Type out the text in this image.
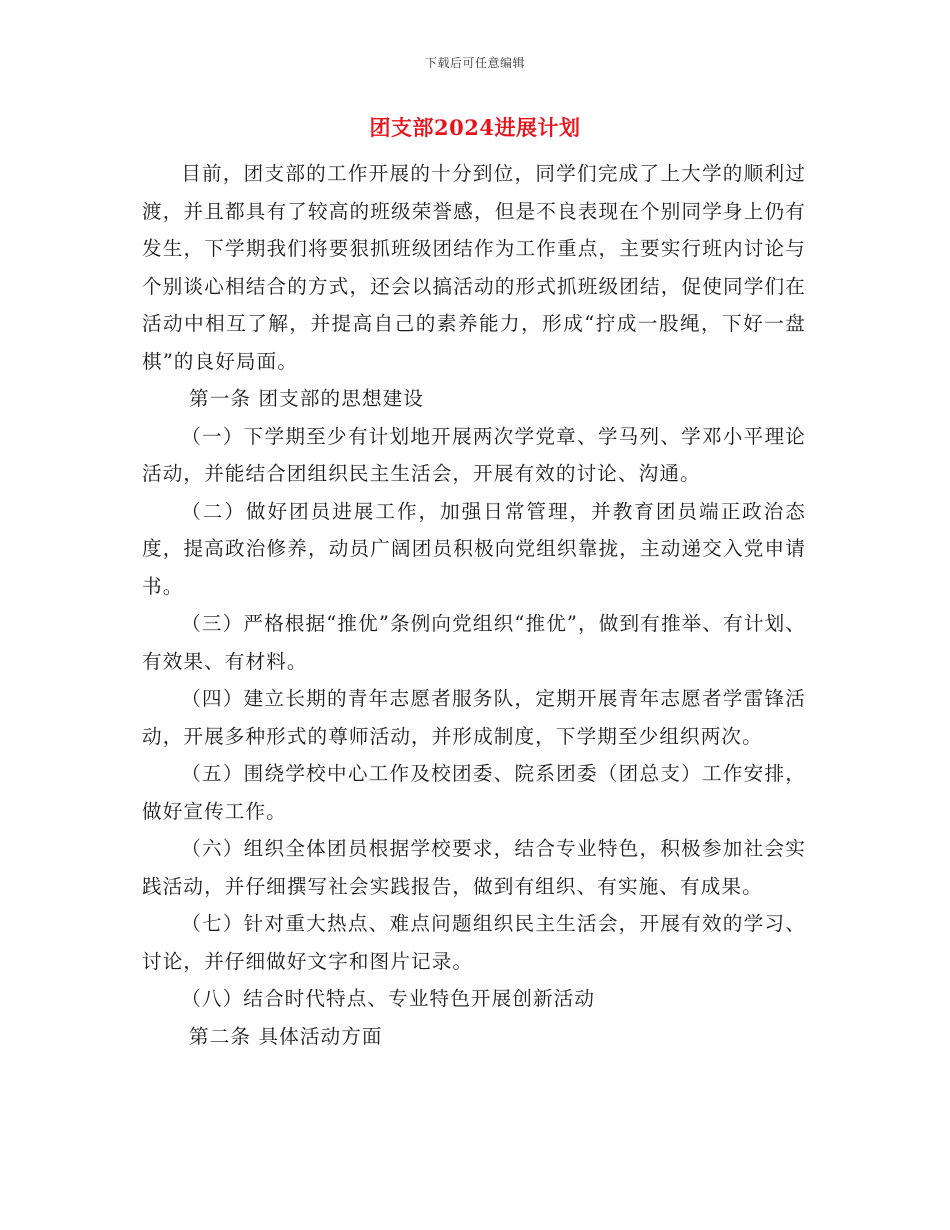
下载后可任意编辑
团支部2024进展计划

目前，团支部的工作开展的十分到位，同学们完成了上大学的顺利过渡，并且都具有了较高的班级荣誉感，但是不良表现在个别同学身上仍有发生，下学期我们将要狠抓班级团结作为工作重点，主要实行班内讨论与个别谈心相结合的方式，还会以搞活动的形式抓班级团结，促使同学们在活动中相互了解，并提高自己的素养能力，形成“拧成一股绳，下好一盘棋”的良好局面。

第一条 团支部的思想建设

（一）下学期至少有计划地开展两次学党章、学马列、学邓小平理论活动，并能结合团组织民主生活会，开展有效的讨论、沟通。

（二）做好团员进展工作，加强日常管理，并教育团员端正政治态度，提高政治修养，动员广阔团员积极向党组织靠拢，主动递交入党申请书。

（三）严格根据“推优”条例向党组织“推优”，做到有推举、有计划、有效果、有材料。

（四）建立长期的青年志愿者服务队，定期开展青年志愿者学雷锋活动，开展多种形式的尊师活动，并形成制度，下学期至少组织两次。

（五）围绕学校中心工作及校团委、院系团委（团总支）工作安排，做好宣传工作。

（六）组织全体团员根据学校要求，结合专业特色，积极参加社会实践活动，并仔细撰写社会实践报告，做到有组织、有实施、有成果。

（七）针对重大热点、难点问题组织民主生活会，开展有效的学习、讨论，并仔细做好文字和图片记录。

（八）结合时代特点、专业特色开展创新活动

第二条 具体活动方面
